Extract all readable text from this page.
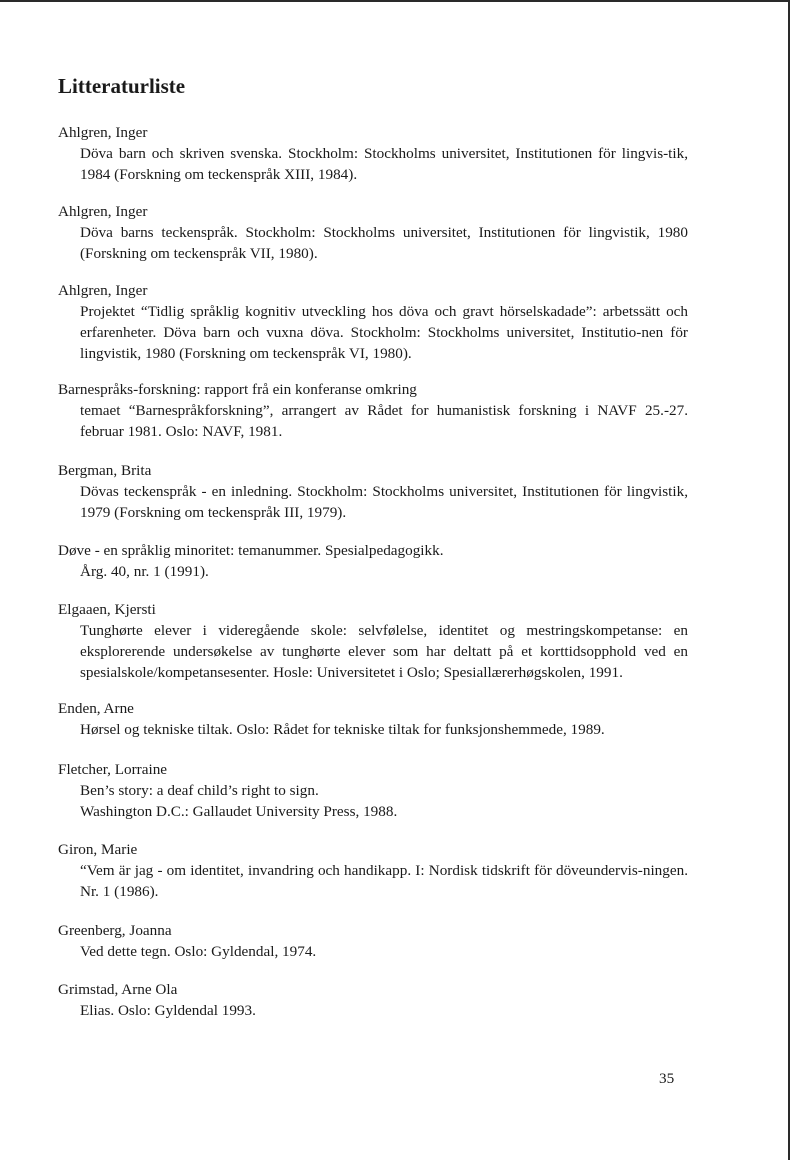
Litteraturliste
Ahlgren, Inger
Döva barn och skriven svenska. Stockholm: Stockholms universitet, Institutionen för lingvis-tik, 1984 (Forskning om teckenspråk XIII, 1984).
Ahlgren, Inger
Döva barns teckenspråk. Stockholm: Stockholms universitet, Institutionen för lingvistik, 1980 (Forskning om teckenspråk VII, 1980).
Ahlgren, Inger
Projektet “Tidlig språklig kognitiv utveckling hos döva och gravt hörselskadade”: arbetssätt och erfarenheter. Döva barn och vuxna döva. Stockholm: Stockholms universitet, Institutio-nen för lingvistik, 1980 (Forskning om teckenspråk VI, 1980).
Barnespråks-forskning: rapport frå ein konferanse omkring
temaet “Barnespråkforskning”, arrangert av Rådet for humanistisk forskning i NAVF 25.-27. februar 1981. Oslo: NAVF, 1981.
Bergman, Brita
Dövas teckenspråk - en inledning. Stockholm: Stockholms universitet, Institutionen för lingvistik, 1979 (Forskning om teckenspråk III, 1979).
Døve - en språklig minoritet: temanummer. Spesialpedagogikk.
Årg. 40, nr. 1 (1991).
Elgaaen, Kjersti
Tunghørte elever i videregående skole: selvfølelse, identitet og mestringskompetanse: en eksplorerende undersøkelse av tunghørte elever som har deltatt på et korttidsopphold ved en spesialskole/kompetansesenter. Hosle: Universitetet i Oslo; Spesiallærerhøgskolen, 1991.
Enden, Arne
Hørsel og tekniske tiltak. Oslo: Rådet for tekniske tiltak for funksjonshemmede, 1989.
Fletcher, Lorraine
Ben’s story: a deaf child’s right to sign.
Washington D.C.: Gallaudet University Press, 1988.
Giron, Marie
“Vem är jag - om identitet, invandring och handikapp. I: Nordisk tidskrift för döveundervis-ningen. Nr. 1 (1986).
Greenberg, Joanna
Ved dette tegn. Oslo: Gyldendal, 1974.
Grimstad, Arne Ola
Elias. Oslo: Gyldendal 1993.
35
